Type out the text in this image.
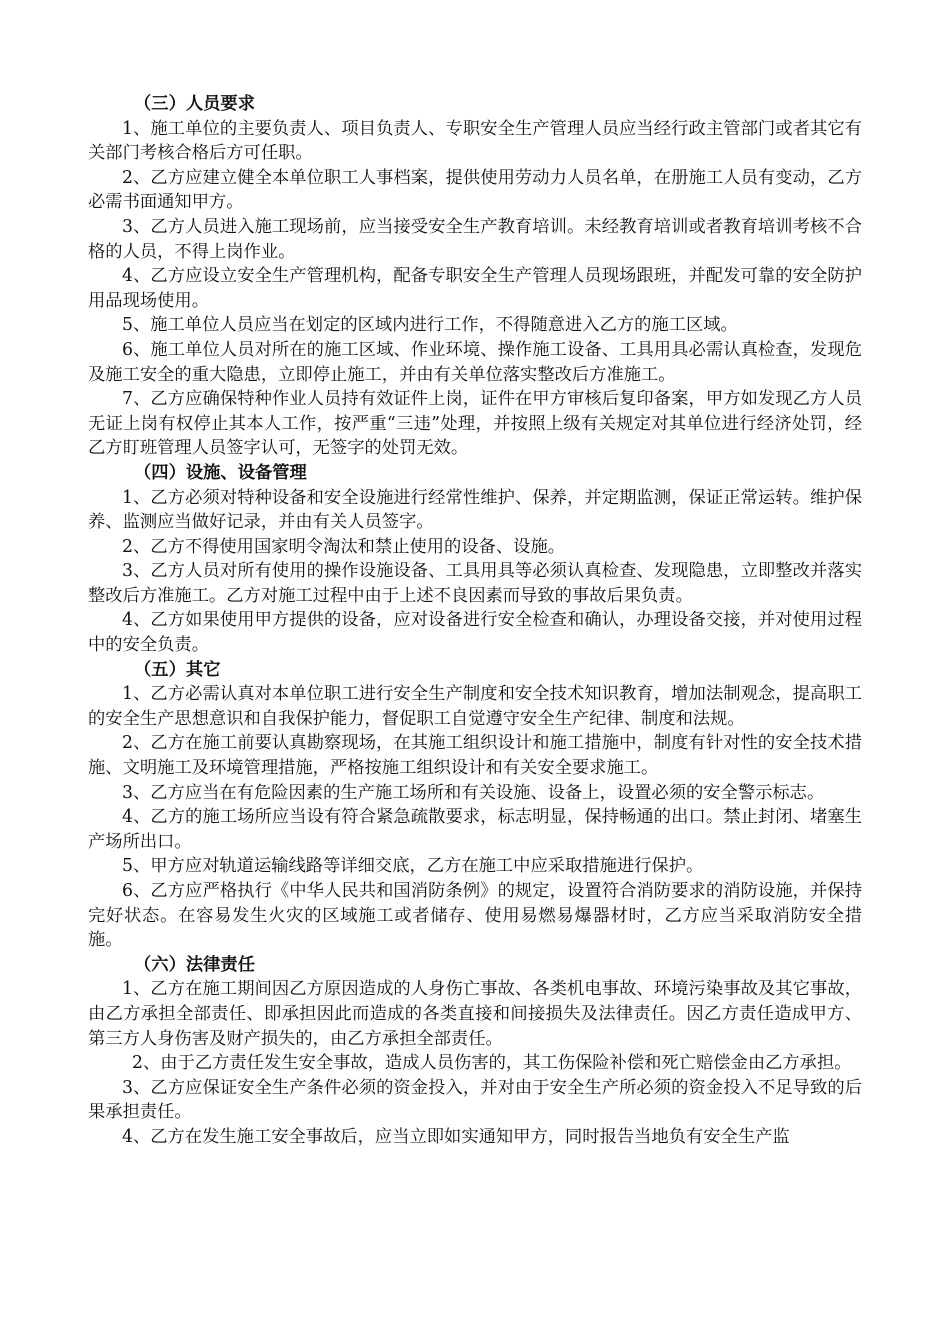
（三）人员要求

1、施工单位的主要负责人、项目负责人、专职安全生产管理人员应当经行政主管部门或者其它有关部门考核合格后方可任职。

2、乙方应建立健全本单位职工人事档案，提供使用劳动力人员名单，在册施工人员有变动，乙方必需书面通知甲方。

3、乙方人员进入施工现场前，应当接受安全生产教育培训。未经教育培训或者教育培训考核不合格的人员，不得上岗作业。

4、乙方应设立安全生产管理机构，配备专职安全生产管理人员现场跟班，并配发可靠的安全防护用品现场使用。

5、施工单位人员应当在划定的区域内进行工作，不得随意进入乙方的施工区域。

6、施工单位人员对所在的施工区域、作业环境、操作施工设备、工具用具必需认真检查，发现危及施工安全的重大隐患，立即停止施工，并由有关单位落实整改后方准施工。

7、乙方应确保特种作业人员持有效证件上岗，证件在甲方审核后复印备案，甲方如发现乙方人员无证上岗有权停止其本人工作，按严重“三违”处理，并按照上级有关规定对其单位进行经济处罚，经乙方盯班管理人员签字认可，无签字的处罚无效。

（四）设施、设备管理

1、乙方必须对特种设备和安全设施进行经常性维护、保养，并定期监测，保证正常运转。维护保养、监测应当做好记录，并由有关人员签字。

2、乙方不得使用国家明令淘汰和禁止使用的设备、设施。

3、乙方人员对所有使用的操作设施设备、工具用具等必须认真检查、发现隐患，立即整改并落实整改后方准施工。乙方对施工过程中由于上述不良因素而导致的事故后果负责。

4、乙方如果使用甲方提供的设备，应对设备进行安全检查和确认，办理设备交接，并对使用过程中的安全负责。

（五）其它

1、乙方必需认真对本单位职工进行安全生产制度和安全技术知识教育，增加法制观念，提高职工的安全生产思想意识和自我保护能力，督促职工自觉遵守安全生产纪律、制度和法规。

2、乙方在施工前要认真勘察现场，在其施工组织设计和施工措施中，制度有针对性的安全技术措施、文明施工及环境管理措施，严格按施工组织设计和有关安全要求施工。

3、乙方应当在有危险因素的生产施工场所和有关设施、设备上，设置必须的安全警示标志。

4、乙方的施工场所应当设有符合紧急疏散要求，标志明显，保持畅通的出口。禁止封闭、堵塞生产场所出口。

5、甲方应对轨道运输线路等详细交底，乙方在施工中应采取措施进行保护。

6、乙方应严格执行《中华人民共和国消防条例》的规定，设置符合消防要求的消防设施，并保持完好状态。在容易发生火灾的区域施工或者储存、使用易燃易爆器材时，乙方应当采取消防安全措施。

（六）法律责任

1、乙方在施工期间因乙方原因造成的人身伤亡事故、各类机电事故、环境污染事故及其它事故，由乙方承担全部责任、即承担因此而造成的各类直接和间接损失及法律责任。因乙方责任造成甲方、第三方人身伤害及财产损失的，由乙方承担全部责任。

2、由于乙方责任发生安全事故，造成人员伤害的，其工伤保险补偿和死亡赔偿金由乙方承担。

3、乙方应保证安全生产条件必须的资金投入，并对由于安全生产所必须的资金投入不足导致的后果承担责任。

4、乙方在发生施工安全事故后，应当立即如实通知甲方，同时报告当地负有安全生产监
